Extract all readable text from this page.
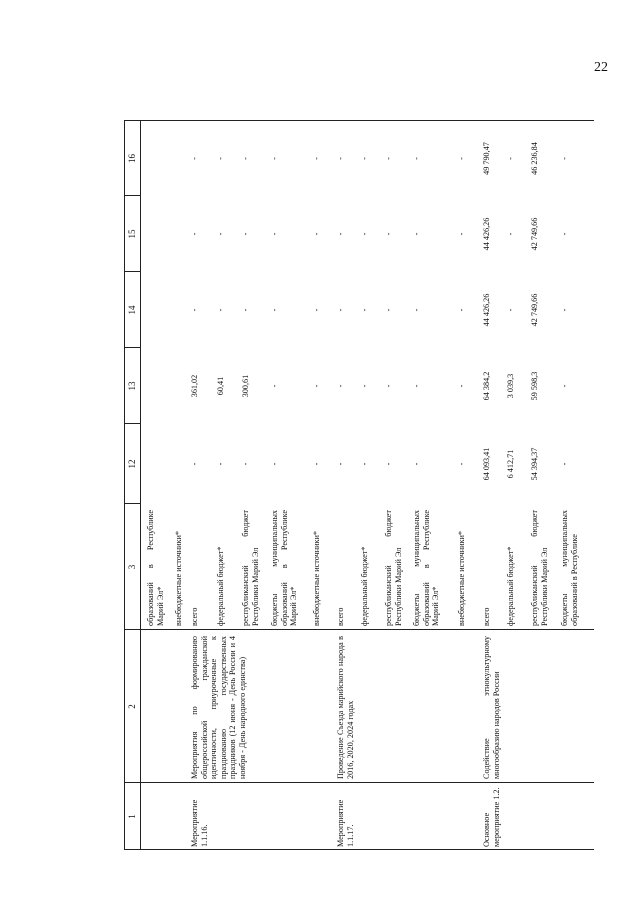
22
1
2
3
12
13
14
15
16
образований в Республике Марий Эл* внебюджетные источники*
Мероприятие 1.1.16.
Мероприятия по формированию общероссийской гражданской идентичности, приуроченные к празднованию государственных праздников (12 июня - День России и 4 ноября - День народного единства)
всего
-
361,02
-
-
-
федеральный бюджет*
-
60,41
-
-
-
республиканский бюджет Республики Марий Эл
-
300,61
-
-
-
бюджеты муниципальных образований в Республике Марий Эл*
-
-
-
-
-
внебюджетные источники*
-
-
-
-
-
Мероприятие 1.1.17.
Проведение Съезда марийского народа в 2016, 2020, 2024 годах
всего
-
-
-
-
-
федеральный бюджет*
-
-
-
-
-
республиканский бюджет Республики Марий Эл
-
-
-
-
-
бюджеты муниципальных образований в Республике Марий Эл*
-
-
-
-
-
внебюджетные источники*
-
-
-
-
-
Основное мероприятие 1.2.
Содействие этнокультурному многообразию народов России
всего
64 093,41
64 384,2
44 426,26
44 426,26
49 790,47
федеральный бюджет*
6 412,71
3 039,3
-
-
-
республиканский бюджет Республики Марий Эл
54 394,37
59 598,3
42 749,66
42 749,66
46 236,84
бюджеты муниципальных образований в Республике
-
-
-
-
-
